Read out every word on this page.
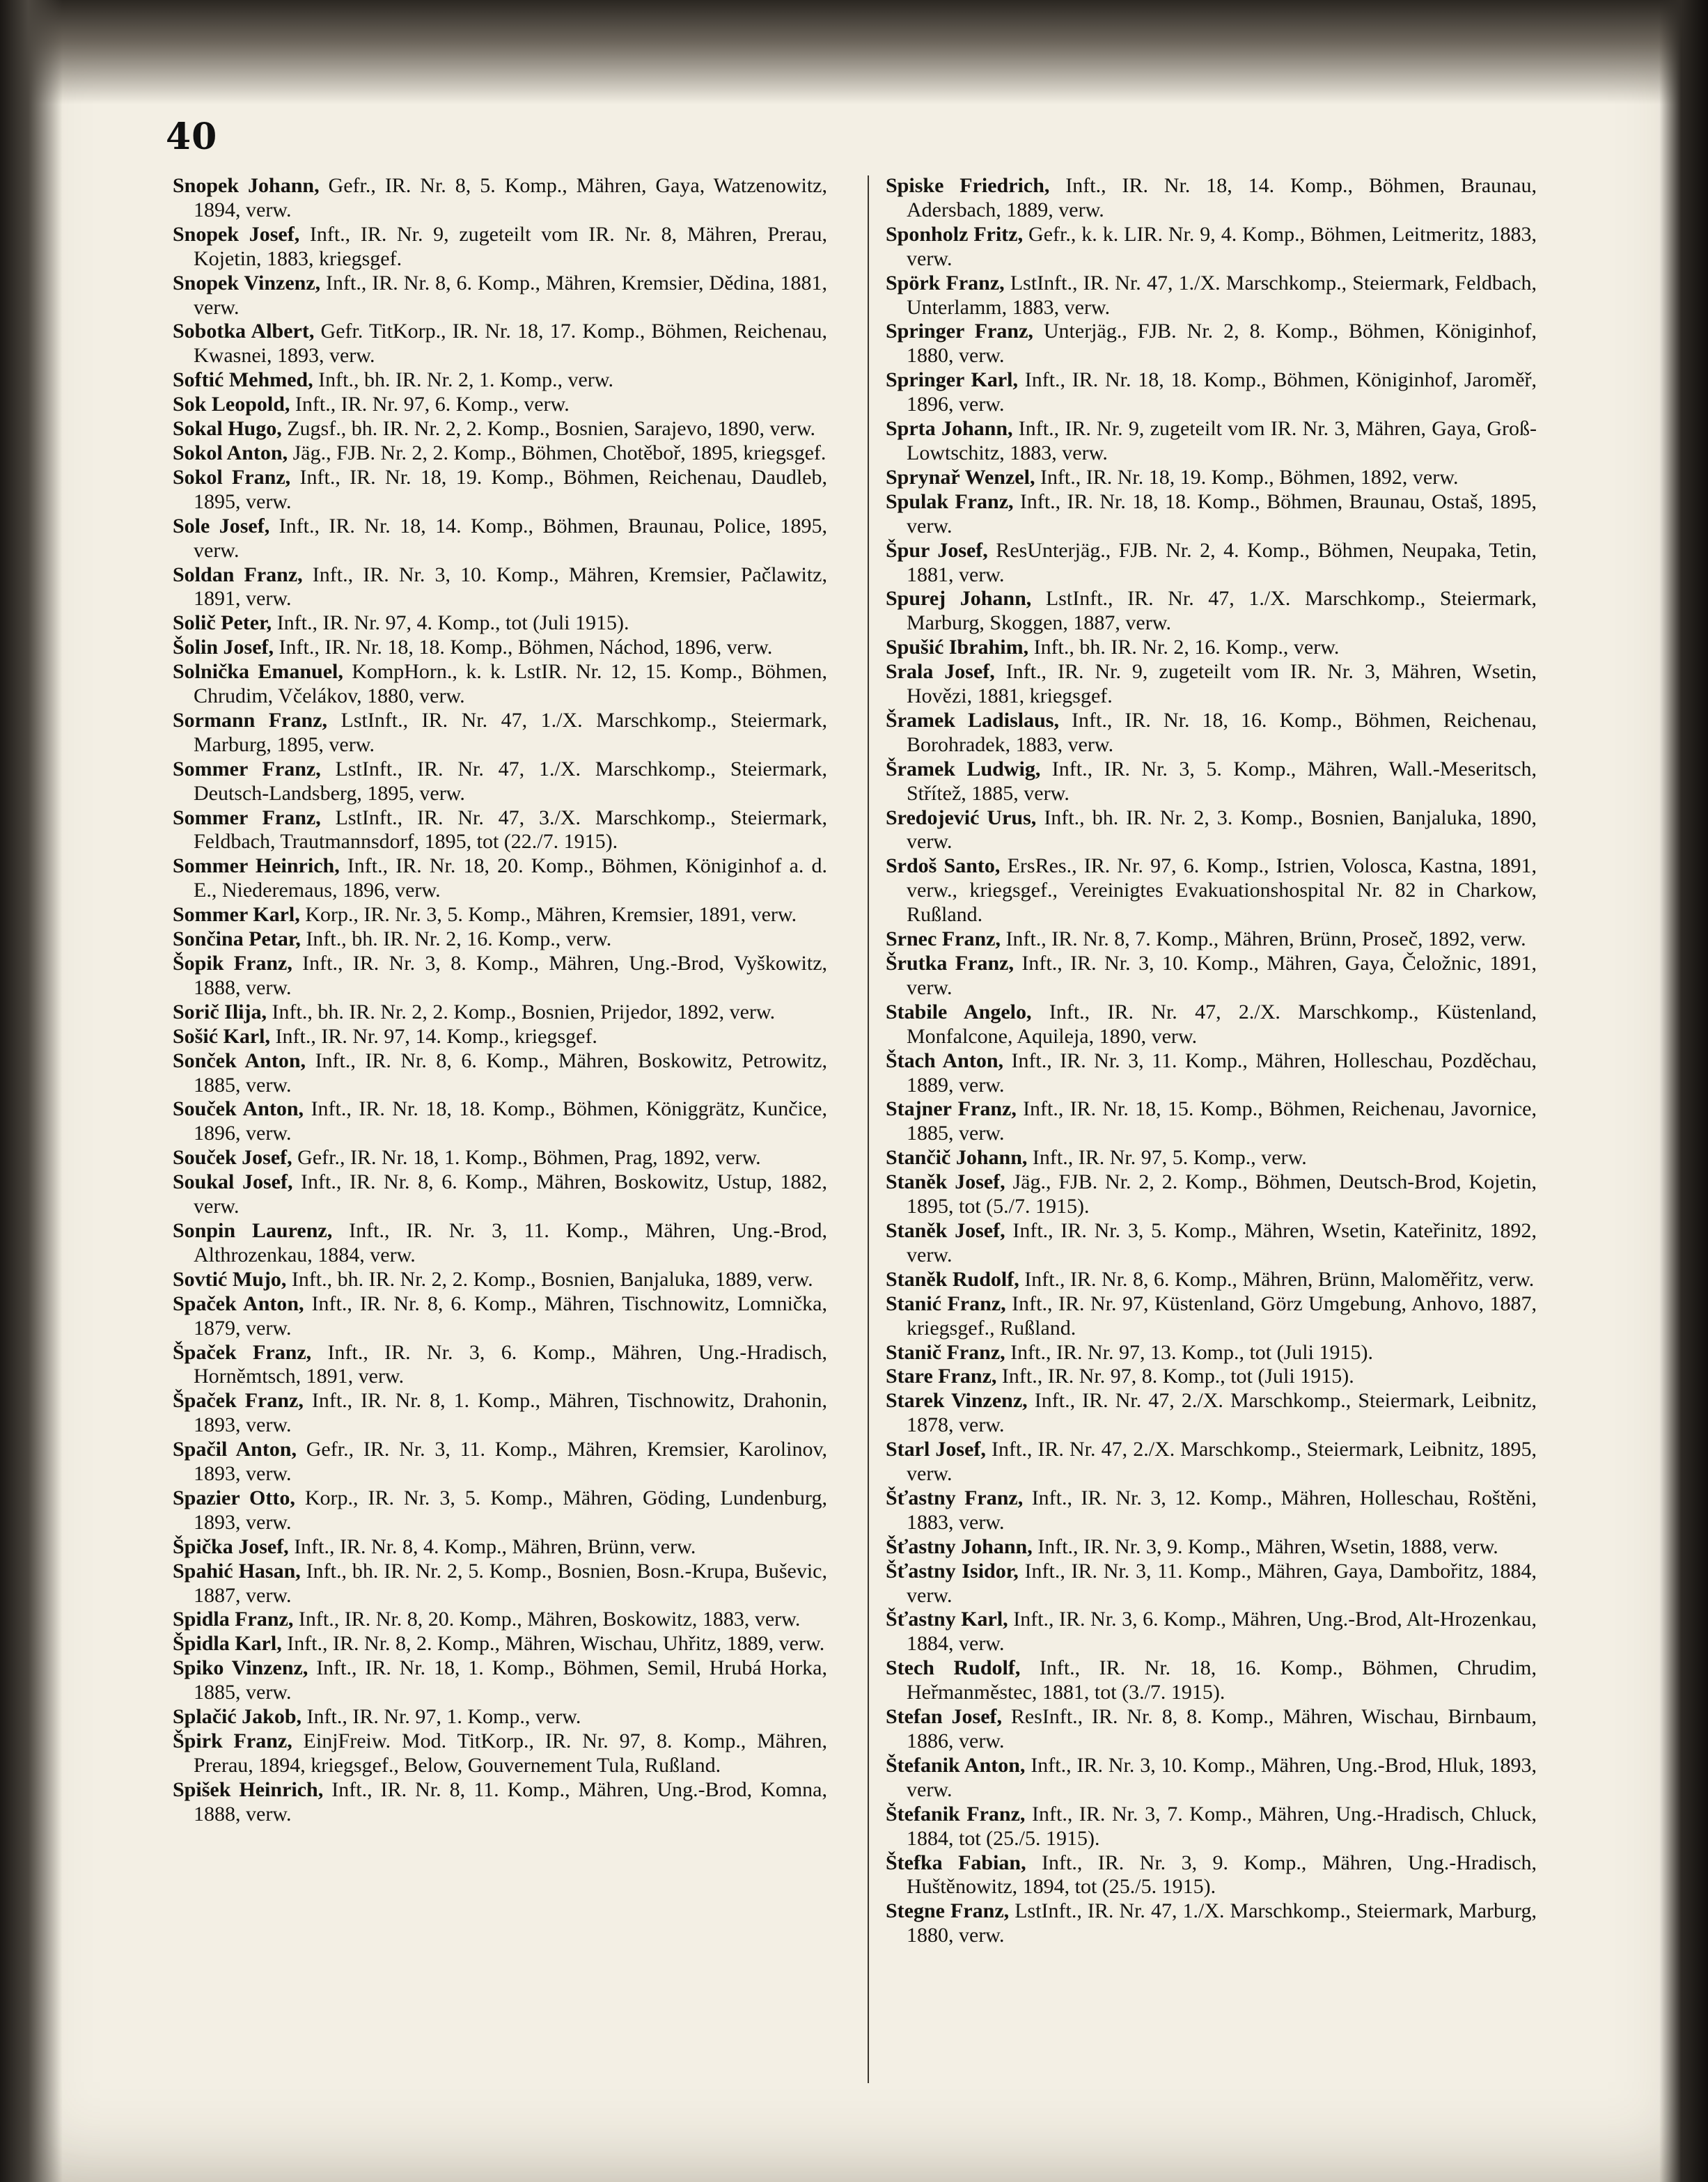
40

Snopek Johann, Gefr., IR. Nr. 8, 5. Komp., Mähren, Gaya, Watzenowitz, 1894, verw.

Snopek Josef, Inft., IR. Nr. 9, zugeteilt vom IR. Nr. 8, Mähren, Prerau, Kojetin, 1883, kriegsgef.

Snopek Vinzenz, Inft., IR. Nr. 8, 6. Komp., Mähren, Kremsier, Dědina, 1881, verw.

Sobotka Albert, Gefr. TitKorp., IR. Nr. 18, 17. Komp., Böhmen, Reichenau, Kwasnei, 1893, verw.

Softić Mehmed, Inft., bh. IR. Nr. 2, 1. Komp., verw.

Sok Leopold, Inft., IR. Nr. 97, 6. Komp., verw.

Sokal Hugo, Zugsf., bh. IR. Nr. 2, 2. Komp., Bosnien, Sarajevo, 1890, verw.

Sokol Anton, Jäg., FJB. Nr. 2, 2. Komp., Böhmen, Chotěboř, 1895, kriegsgef.

Sokol Franz, Inft., IR. Nr. 18, 19. Komp., Böhmen, Reichenau, Daudleb, 1895, verw.

Sole Josef, Inft., IR. Nr. 18, 14. Komp., Böhmen, Braunau, Police, 1895, verw.

Soldan Franz, Inft., IR. Nr. 3, 10. Komp., Mähren, Kremsier, Pačlawitz, 1891, verw.

Solič Peter, Inft., IR. Nr. 97, 4. Komp., tot (Juli 1915).

Šolin Josef, Inft., IR. Nr. 18, 18. Komp., Böhmen, Náchod, 1896, verw.

Solnička Emanuel, KompHorn., k. k. LstIR. Nr. 12, 15. Komp., Böhmen, Chrudim, Včelákov, 1880, verw.

Sormann Franz, LstInft., IR. Nr. 47, 1./X. Marschkomp., Steiermark, Marburg, 1895, verw.

Sommer Franz, LstInft., IR. Nr. 47, 1./X. Marschkomp., Steiermark, Deutsch-Landsberg, 1895, verw.

Sommer Franz, LstInft., IR. Nr. 47, 3./X. Marschkomp., Steiermark, Feldbach, Trautmannsdorf, 1895, tot (22./7. 1915).

Sommer Heinrich, Inft., IR. Nr. 18, 20. Komp., Böhmen, Königinhof a. d. E., Niederemaus, 1896, verw.

Sommer Karl, Korp., IR. Nr. 3, 5. Komp., Mähren, Kremsier, 1891, verw.

Sončina Petar, Inft., bh. IR. Nr. 2, 16. Komp., verw.

Šopik Franz, Inft., IR. Nr. 3, 8. Komp., Mähren, Ung.-Brod, Vyškowitz, 1888, verw.

Sorič Ilija, Inft., bh. IR. Nr. 2, 2. Komp., Bosnien, Prijedor, 1892, verw.

Sošić Karl, Inft., IR. Nr. 97, 14. Komp., kriegsgef.

Sonček Anton, Inft., IR. Nr. 8, 6. Komp., Mähren, Boskowitz, Petrowitz, 1885, verw.

Souček Anton, Inft., IR. Nr. 18, 18. Komp., Böhmen, Königgrätz, Kunčice, 1896, verw.

Souček Josef, Gefr., IR. Nr. 18, 1. Komp., Böhmen, Prag, 1892, verw.

Soukal Josef, Inft., IR. Nr. 8, 6. Komp., Mähren, Boskowitz, Ustup, 1882, verw.

Sonpin Laurenz, Inft., IR. Nr. 3, 11. Komp., Mähren, Ung.-Brod, Althrozenkau, 1884, verw.

Sovtić Mujo, Inft., bh. IR. Nr. 2, 2. Komp., Bosnien, Banjaluka, 1889, verw.

Spaček Anton, Inft., IR. Nr. 8, 6. Komp., Mähren, Tischnowitz, Lomnička, 1879, verw.

Špaček Franz, Inft., IR. Nr. 3, 6. Komp., Mähren, Ung.-Hradisch, Horněmtsch, 1891, verw.

Špaček Franz, Inft., IR. Nr. 8, 1. Komp., Mähren, Tischnowitz, Drahonin, 1893, verw.

Spačil Anton, Gefr., IR. Nr. 3, 11. Komp., Mähren, Kremsier, Karolinov, 1893, verw.

Spazier Otto, Korp., IR. Nr. 3, 5. Komp., Mähren, Göding, Lundenburg, 1893, verw.

Špička Josef, Inft., IR. Nr. 8, 4. Komp., Mähren, Brünn, verw.

Spahić Hasan, Inft., bh. IR. Nr. 2, 5. Komp., Bosnien, Bosn.-Krupa, Buševic, 1887, verw.

Spidla Franz, Inft., IR. Nr. 8, 20. Komp., Mähren, Boskowitz, 1883, verw.

Špidla Karl, Inft., IR. Nr. 8, 2. Komp., Mähren, Wischau, Uhřitz, 1889, verw.

Spiko Vinzenz, Inft., IR. Nr. 18, 1. Komp., Böhmen, Semil, Hrubá Horka, 1885, verw.

Splačić Jakob, Inft., IR. Nr. 97, 1. Komp., verw.

Špirk Franz, EinjFreiw. Mod. TitKorp., IR. Nr. 97, 8. Komp., Mähren, Prerau, 1894, kriegsgef., Below, Gouvernement Tula, Rußland.

Spišek Heinrich, Inft., IR. Nr. 8, 11. Komp., Mähren, Ung.-Brod, Komna, 1888, verw.

Spiske Friedrich, Inft., IR. Nr. 18, 14. Komp., Böhmen, Braunau, Adersbach, 1889, verw.

Sponholz Fritz, Gefr., k. k. LIR. Nr. 9, 4. Komp., Böhmen, Leitmeritz, 1883, verw.

Spörk Franz, LstInft., IR. Nr. 47, 1./X. Marschkomp., Steiermark, Feldbach, Unterlamm, 1883, verw.

Springer Franz, Unterjäg., FJB. Nr. 2, 8. Komp., Böhmen, Königinhof, 1880, verw.

Springer Karl, Inft., IR. Nr. 18, 18. Komp., Böhmen, Königinhof, Jaroměř, 1896, verw.

Sprta Johann, Inft., IR. Nr. 9, zugeteilt vom IR. Nr. 3, Mähren, Gaya, Groß-Lowtschitz, 1883, verw.

Sprynař Wenzel, Inft., IR. Nr. 18, 19. Komp., Böhmen, 1892, verw.

Spulak Franz, Inft., IR. Nr. 18, 18. Komp., Böhmen, Braunau, Ostaš, 1895, verw.

Špur Josef, ResUnterjäg., FJB. Nr. 2, 4. Komp., Böhmen, Neupaka, Tetin, 1881, verw.

Spurej Johann, LstInft., IR. Nr. 47, 1./X. Marschkomp., Steiermark, Marburg, Skoggen, 1887, verw.

Spušić Ibrahim, Inft., bh. IR. Nr. 2, 16. Komp., verw.

Srala Josef, Inft., IR. Nr. 9, zugeteilt vom IR. Nr. 3, Mähren, Wsetin, Hovězi, 1881, kriegsgef.

Šramek Ladislaus, Inft., IR. Nr. 18, 16. Komp., Böhmen, Reichenau, Borohradek, 1883, verw.

Šramek Ludwig, Inft., IR. Nr. 3, 5. Komp., Mähren, Wall.-Meseritsch, Střítež, 1885, verw.

Sredojević Urus, Inft., bh. IR. Nr. 2, 3. Komp., Bosnien, Banjaluka, 1890, verw.

Srdoš Santo, ErsRes., IR. Nr. 97, 6. Komp., Istrien, Volosca, Kastna, 1891, verw., kriegsgef., Vereinigtes Evakuationshospital Nr. 82 in Charkow, Rußland.

Srnec Franz, Inft., IR. Nr. 8, 7. Komp., Mähren, Brünn, Proseč, 1892, verw.

Šrutka Franz, Inft., IR. Nr. 3, 10. Komp., Mähren, Gaya, Čeložnic, 1891, verw.

Stabile Angelo, Inft., IR. Nr. 47, 2./X. Marschkomp., Küstenland, Monfalcone, Aquileja, 1890, verw.

Štach Anton, Inft., IR. Nr. 3, 11. Komp., Mähren, Holleschau, Pozděchau, 1889, verw.

Stajner Franz, Inft., IR. Nr. 18, 15. Komp., Böhmen, Reichenau, Javornice, 1885, verw.

Stančič Johann, Inft., IR. Nr. 97, 5. Komp., verw.

Staněk Josef, Jäg., FJB. Nr. 2, 2. Komp., Böhmen, Deutsch-Brod, Kojetin, 1895, tot (5./7. 1915).

Staněk Josef, Inft., IR. Nr. 3, 5. Komp., Mähren, Wsetin, Kateřinitz, 1892, verw.

Staněk Rudolf, Inft., IR. Nr. 8, 6. Komp., Mähren, Brünn, Maloměřitz, verw.

Stanić Franz, Inft., IR. Nr. 97, Küstenland, Görz Umgebung, Anhovo, 1887, kriegsgef., Rußland.

Stanič Franz, Inft., IR. Nr. 97, 13. Komp., tot (Juli 1915).

Stare Franz, Inft., IR. Nr. 97, 8. Komp., tot (Juli 1915).

Starek Vinzenz, Inft., IR. Nr. 47, 2./X. Marschkomp., Steiermark, Leibnitz, 1878, verw.

Starl Josef, Inft., IR. Nr. 47, 2./X. Marschkomp., Steiermark, Leibnitz, 1895, verw.

Šťastny Franz, Inft., IR. Nr. 3, 12. Komp., Mähren, Holleschau, Roštěni, 1883, verw.

Šťastny Johann, Inft., IR. Nr. 3, 9. Komp., Mähren, Wsetin, 1888, verw.

Šťastny Isidor, Inft., IR. Nr. 3, 11. Komp., Mähren, Gaya, Dambořitz, 1884, verw.

Šťastny Karl, Inft., IR. Nr. 3, 6. Komp., Mähren, Ung.-Brod, Alt-Hrozenkau, 1884, verw.

Stech Rudolf, Inft., IR. Nr. 18, 16. Komp., Böhmen, Chrudim, Heřmanměstec, 1881, tot (3./7. 1915).

Stefan Josef, ResInft., IR. Nr. 8, 8. Komp., Mähren, Wischau, Birnbaum, 1886, verw.

Štefanik Anton, Inft., IR. Nr. 3, 10. Komp., Mähren, Ung.-Brod, Hluk, 1893, verw.

Štefanik Franz, Inft., IR. Nr. 3, 7. Komp., Mähren, Ung.-Hradisch, Chluck, 1884, tot (25./5. 1915).

Štefka Fabian, Inft., IR. Nr. 3, 9. Komp., Mähren, Ung.-Hradisch, Huštěnowitz, 1894, tot (25./5. 1915).

Stegne Franz, LstInft., IR. Nr. 47, 1./X. Marschkomp., Steiermark, Marburg, 1880, verw.
